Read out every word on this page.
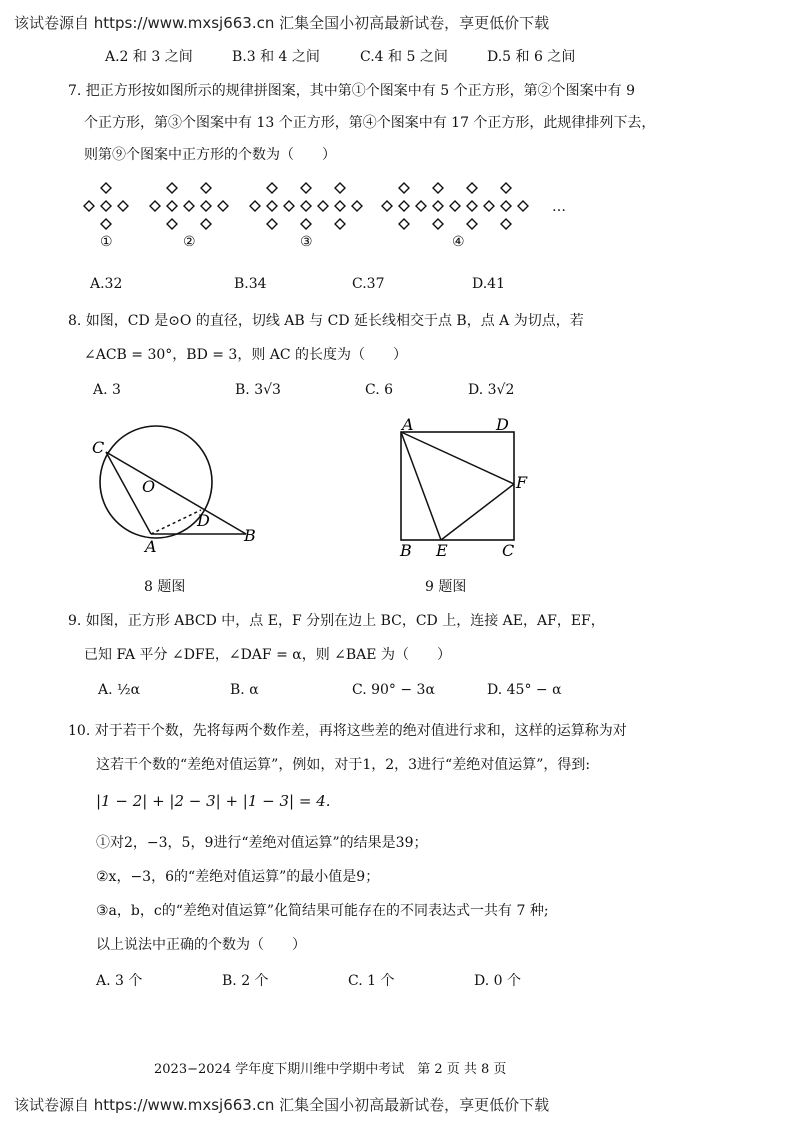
该试卷源自 https://www.mxsj663.cn 汇集全国小初高最新试卷，享更低价下载
A.2 和 3 之间	B.3 和 4 之间	C.4 和 5 之间	D.5 和 6 之间
7. 把正方形按如图所示的规律拼图案，其中第①个图案中有 5 个正方形，第②个图案中有 9
个正方形，第③个图案中有 13 个正方形，第④个图案中有 17 个正方形，此规律排列下去，
则第⑨个图案中正方形的个数为（　　）
①	②	③	④
…
A.32	B.34	C.37	D.41
8. 如图，CD 是⊙O 的直径，切线 AB 与 CD 延长线相交于点 B，点 A 为切点，若
∠ACB = 30°，BD = 3，则 AC 的长度为（　　）
A. 3	B. 3√3	C. 6	D. 3√2
C
O
D
A
B
8 题图
A	D
F
B E	C
9 题图
9. 如图，正方形 ABCD 中，点 E，F 分别在边上 BC，CD 上，连接 AE，AF，EF，
已知 FA 平分 ∠DFE，∠DAF = α，则 ∠BAE 为（　　）
A. ½α	B. α	C. 90° − 3α	D. 45° − α
10. 对于若干个数，先将每两个数作差，再将这些差的绝对值进行求和，这样的运算称为对
这若干个数的“差绝对值运算”，例如，对于1，2，3进行“差绝对值运算”，得到:
|1 − 2| + |2 − 3| + |1 − 3| = 4.
①对2，−3，5，9进行“差绝对值运算”的结果是39；
②x，−3，6的“差绝对值运算”的最小值是9；
③a，b，c的“差绝对值运算”化简结果可能存在的不同表达式一共有 7 种;
以上说法中正确的个数为（　　）
A. 3 个	B. 2 个	C. 1 个	D. 0 个
2023−2024 学年度下期川维中学期中考试　第 2 页 共 8 页
该试卷源自 https://www.mxsj663.cn 汇集全国小初高最新试卷，享更低价下载
